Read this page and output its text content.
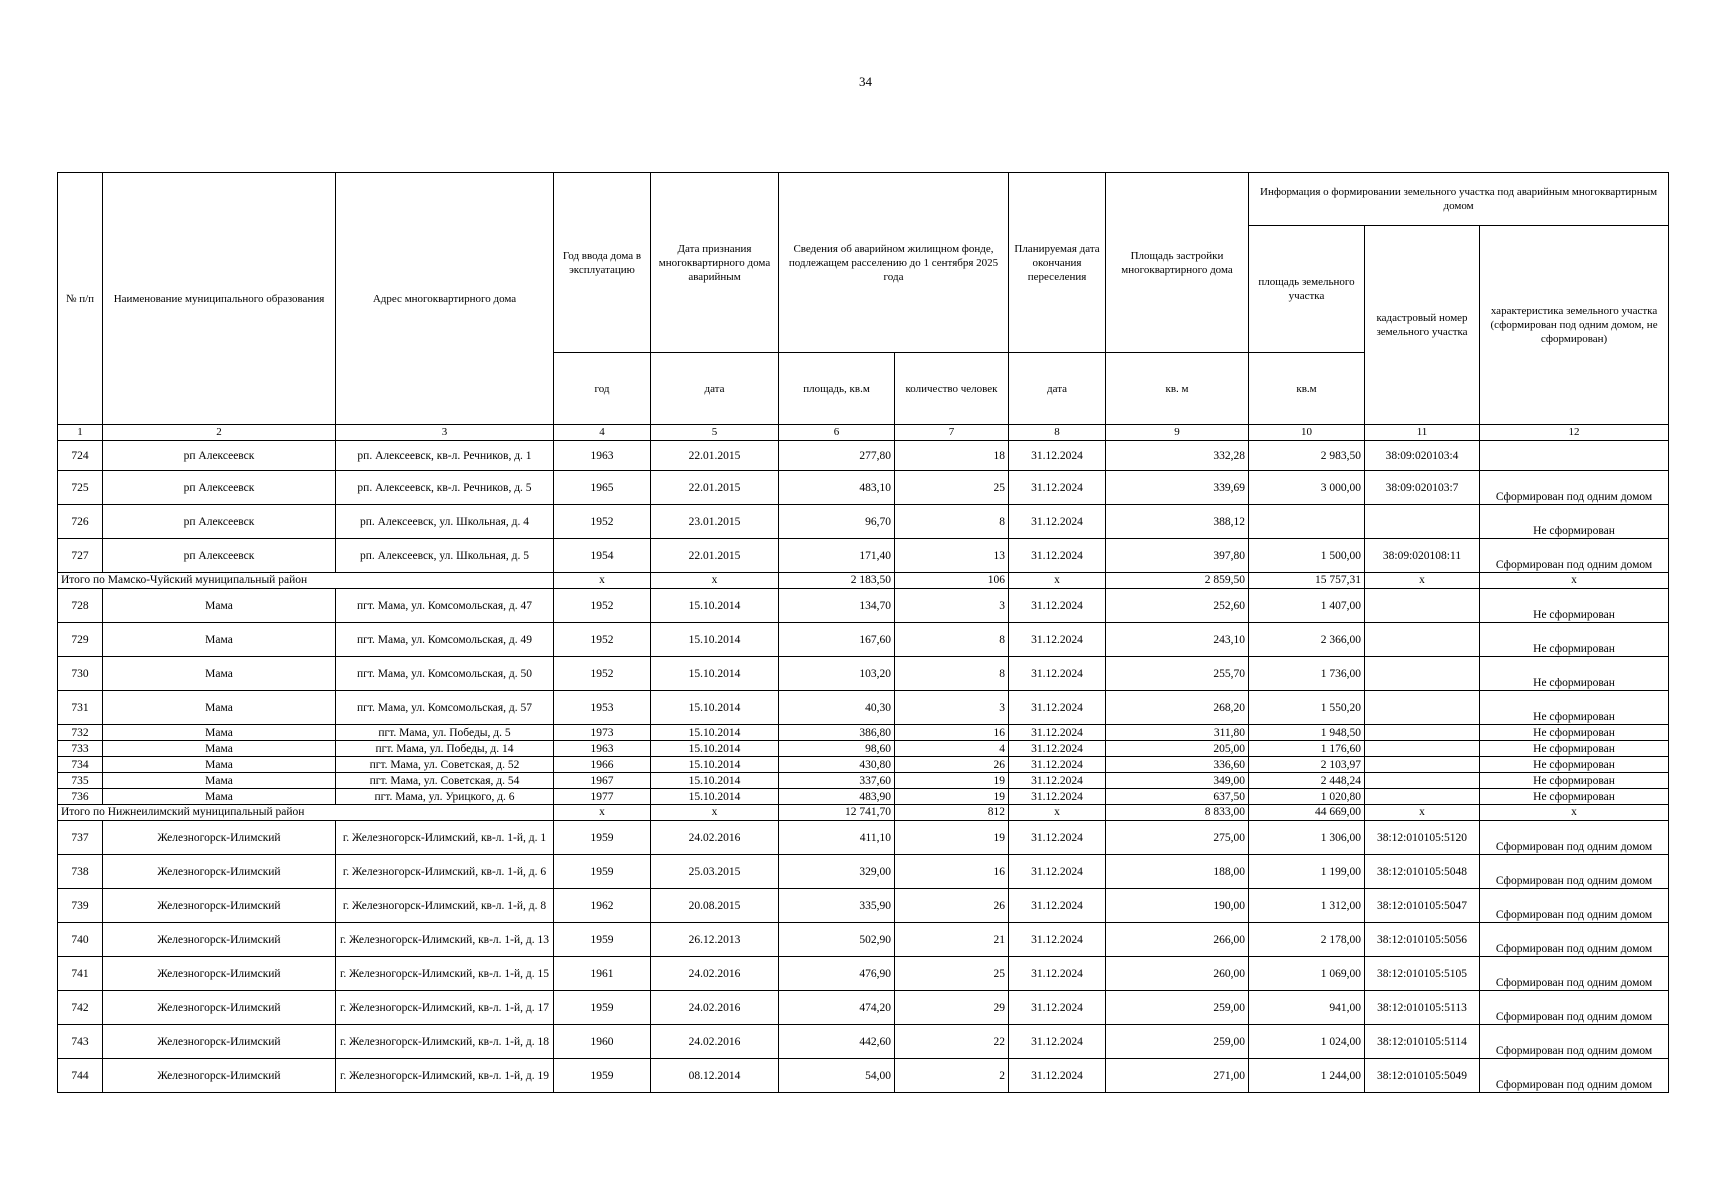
34
№ п/п	Наименование муниципального образования	Адрес многоквартирного дома	Год ввода дома в эксплуатацию	Дата признания многоквартирного дома аварийным	Сведения об аварийном жилищном фонде, подлежащем расселению до 1 сентября 2025 года		Планируемая дата окончания переселения	Площадь застройки многоквартирного дома	Информация о формировании земельного участка под аварийным многоквартирным домом		
									площадь земельного участка	кадастровый номер земельного участка	характеристика земельного участка (сформирован под одним домом, не сформирован)
			год	дата	площадь, кв.м	количество человек	дата	кв. м	кв.м		
1	2	3	4	5	6	7	8	9	10	11	12
724	рп Алексеевск	рп. Алексеевск, кв-л. Речников, д. 1	1963	22.01.2015	277,80	18	31.12.2024	332,28	2 983,50	38:09:020103:4	
725	рп Алексеевск	рп. Алексеевск, кв-л. Речников, д. 5	1965	22.01.2015	483,10	25	31.12.2024	339,69	3 000,00	38:09:020103:7	Сформирован под одним домом
726	рп Алексеевск	рп. Алексеевск, ул. Школьная, д. 4	1952	23.01.2015	96,70	8	31.12.2024	388,12			Не сформирован
727	рп Алексеевск	рп. Алексеевск, ул. Школьная, д. 5	1954	22.01.2015	171,40	13	31.12.2024	397,80	1 500,00	38:09:020108:11	Сформирован под одним домом
Итого по Мамско-Чуйский муниципальный район			x	x	2 183,50	106	x	2 859,50	15 757,31	x	x
728	Мама	пгт. Мама, ул. Комсомольская, д. 47	1952	15.10.2014	134,70	3	31.12.2024	252,60	1 407,00		Не сформирован
729	Мама	пгт. Мама, ул. Комсомольская, д. 49	1952	15.10.2014	167,60	8	31.12.2024	243,10	2 366,00		Не сформирован
730	Мама	пгт. Мама, ул. Комсомольская, д. 50	1952	15.10.2014	103,20	8	31.12.2024	255,70	1 736,00		Не сформирован
731	Мама	пгт. Мама, ул. Комсомольская, д. 57	1953	15.10.2014	40,30	3	31.12.2024	268,20	1 550,20		Не сформирован
732	Мама	пгт. Мама, ул. Победы, д. 5	1973	15.10.2014	386,80	16	31.12.2024	311,80	1 948,50		Не сформирован
733	Мама	пгт. Мама, ул. Победы, д. 14	1963	15.10.2014	98,60	4	31.12.2024	205,00	1 176,60		Не сформирован
734	Мама	пгт. Мама, ул. Советская, д. 52	1966	15.10.2014	430,80	26	31.12.2024	336,60	2 103,97		Не сформирован
735	Мама	пгт. Мама, ул. Советская, д. 54	1967	15.10.2014	337,60	19	31.12.2024	349,00	2 448,24		Не сформирован
736	Мама	пгт. Мама, ул. Урицкого, д. 6	1977	15.10.2014	483,90	19	31.12.2024	637,50	1 020,80		Не сформирован
Итого по Нижнеилимский муниципальный район			x	x	12 741,70	812	x	8 833,00	44 669,00	x	x
737	Железногорск-Илимский	г. Железногорск-Илимский, кв-л. 1-й, д. 1	1959	24.02.2016	411,10	19	31.12.2024	275,00	1 306,00	38:12:010105:5120	Сформирован под одним домом
738	Железногорск-Илимский	г. Железногорск-Илимский, кв-л. 1-й, д. 6	1959	25.03.2015	329,00	16	31.12.2024	188,00	1 199,00	38:12:010105:5048	Сформирован под одним домом
739	Железногорск-Илимский	г. Железногорск-Илимский, кв-л. 1-й, д. 8	1962	20.08.2015	335,90	26	31.12.2024	190,00	1 312,00	38:12:010105:5047	Сформирован под одним домом
740	Железногорск-Илимский	г. Железногорск-Илимский, кв-л. 1-й, д. 13	1959	26.12.2013	502,90	21	31.12.2024	266,00	2 178,00	38:12:010105:5056	Сформирован под одним домом
741	Железногорск-Илимский	г. Железногорск-Илимский, кв-л. 1-й, д. 15	1961	24.02.2016	476,90	25	31.12.2024	260,00	1 069,00	38:12:010105:5105	Сформирован под одним домом
742	Железногорск-Илимский	г. Железногорск-Илимский, кв-л. 1-й, д. 17	1959	24.02.2016	474,20	29	31.12.2024	259,00	941,00	38:12:010105:5113	Сформирован под одним домом
743	Железногорск-Илимский	г. Железногорск-Илимский, кв-л. 1-й, д. 18	1960	24.02.2016	442,60	22	31.12.2024	259,00	1 024,00	38:12:010105:5114	Сформирован под одним домом
744	Железногорск-Илимский	г. Железногорск-Илимский, кв-л. 1-й, д. 19	1959	08.12.2014	54,00	2	31.12.2024	271,00	1 244,00	38:12:010105:5049	Сформирован под одним домом
